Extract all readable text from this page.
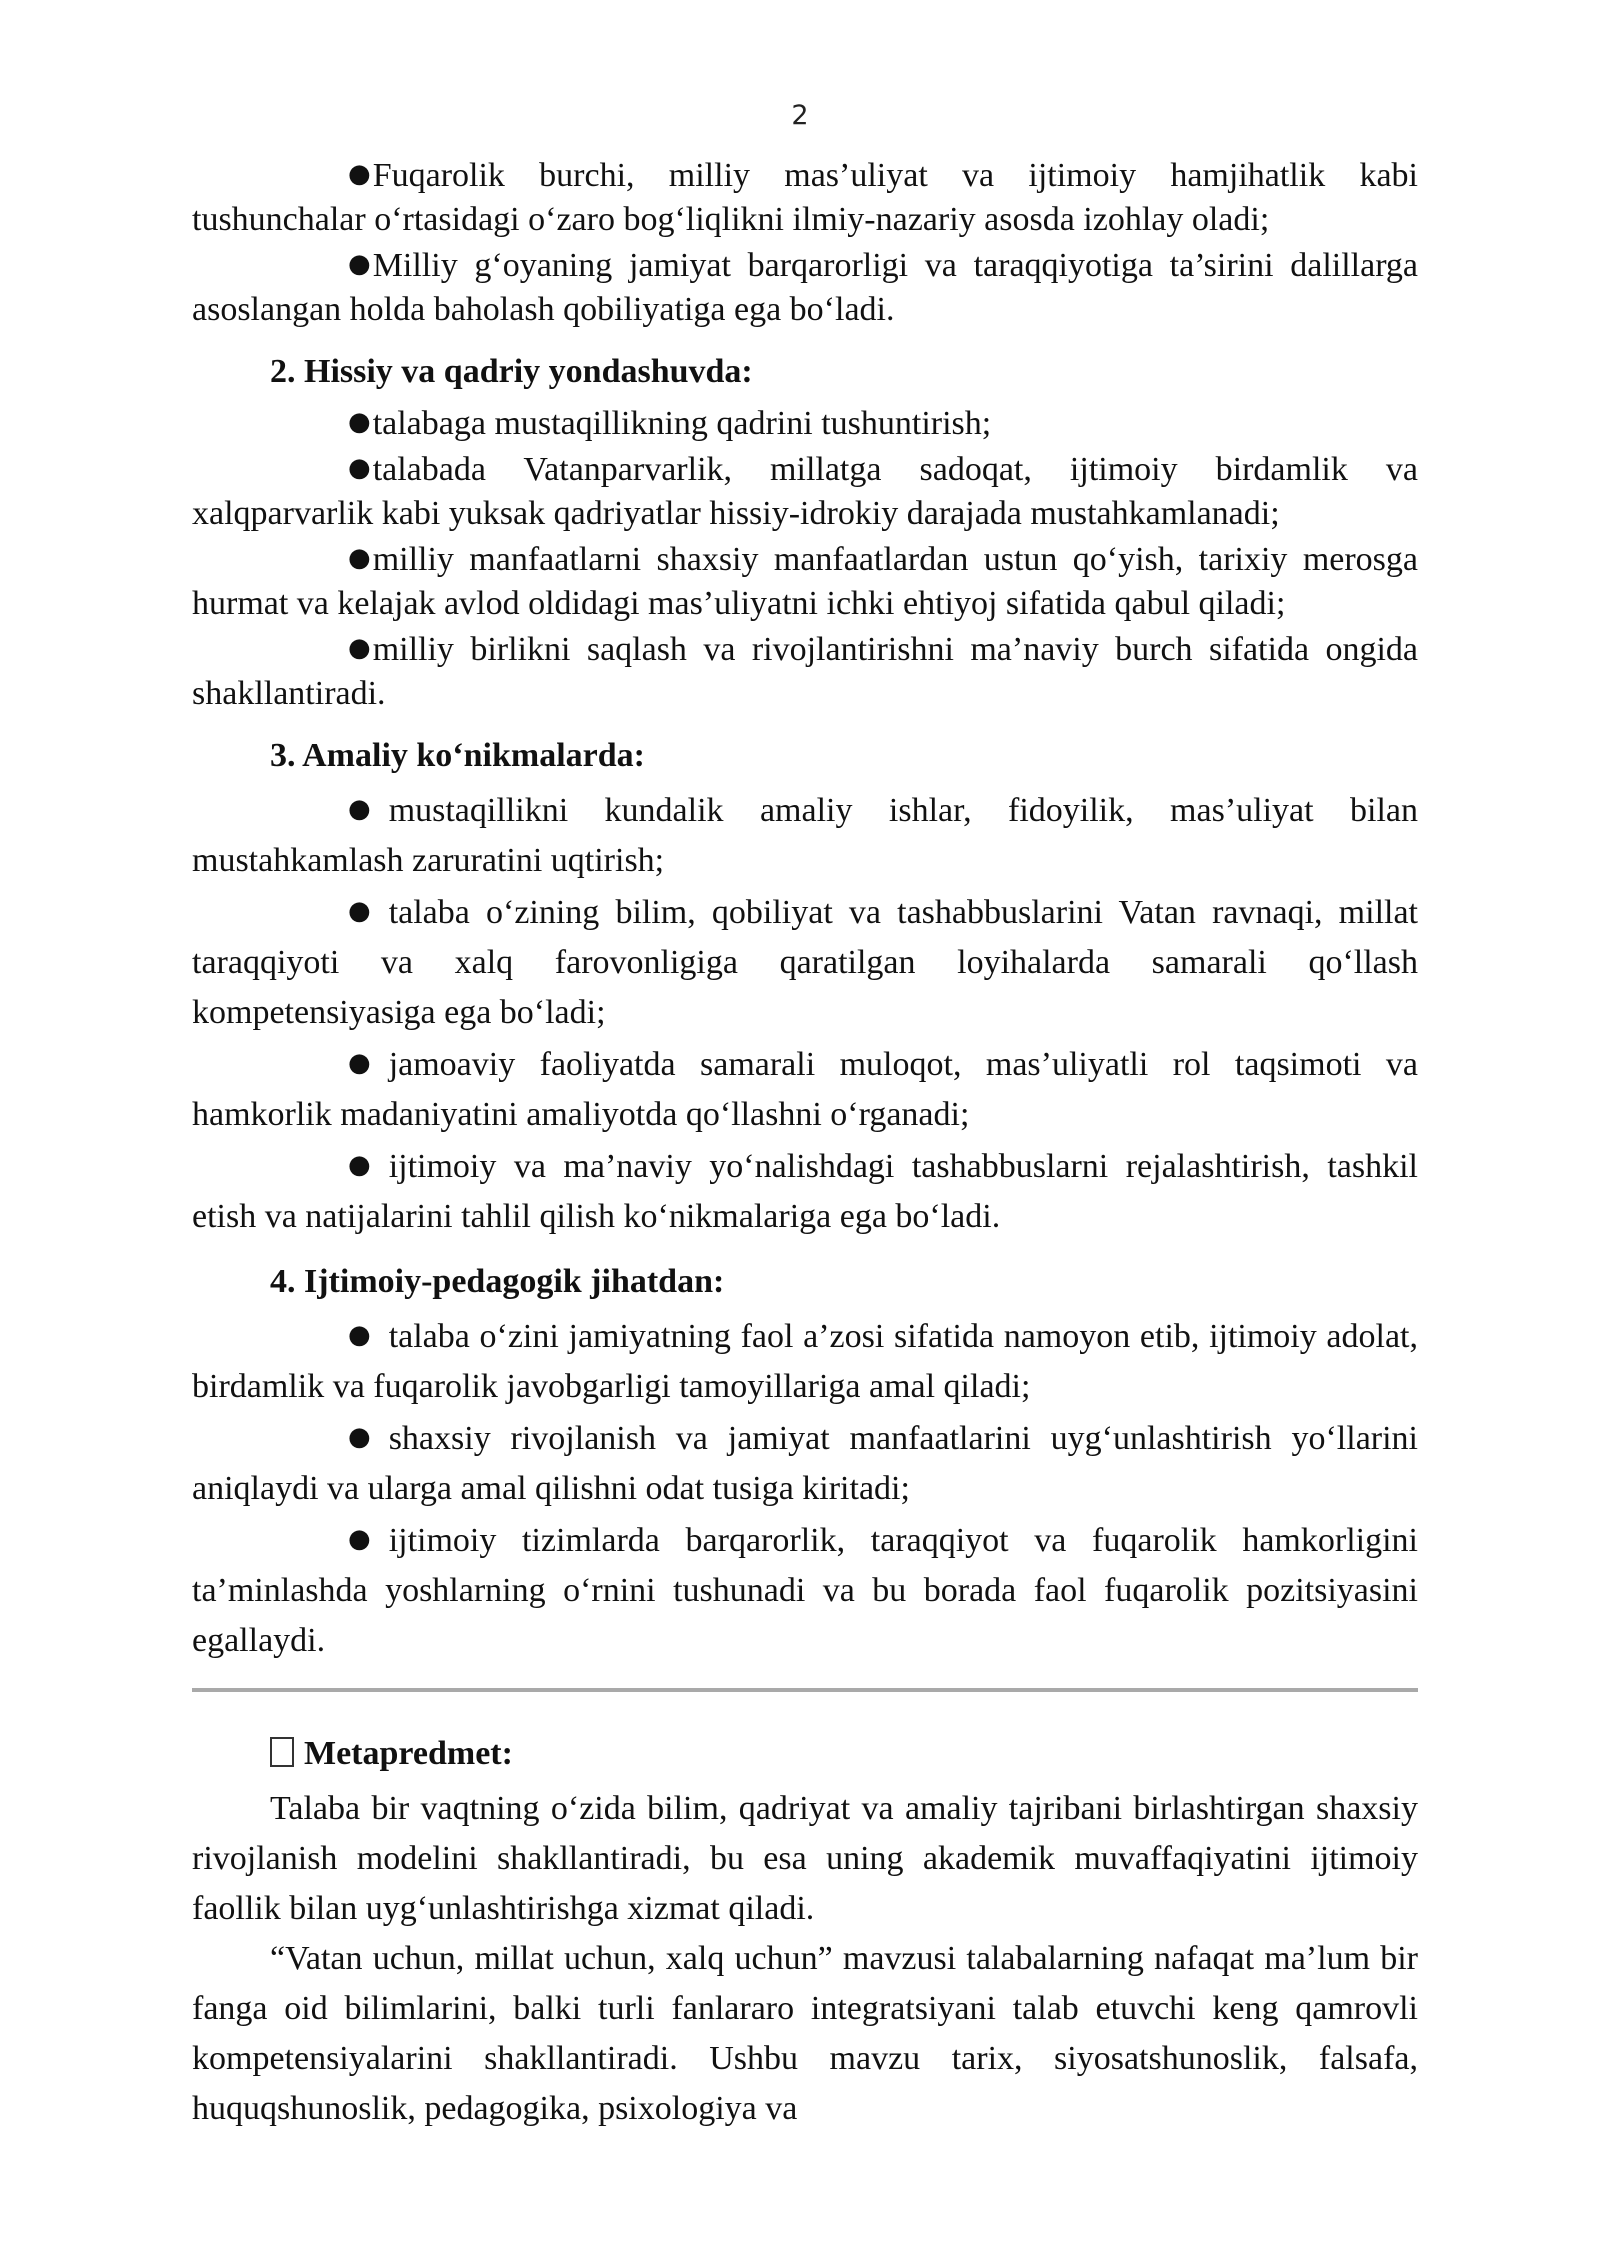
2

●Fuqarolik burchi, milliy mas’uliyat va ijtimoiy hamjihatlik kabi tushunchalar o‘rtasidagi o‘zaro bog‘liqlikni ilmiy-nazariy asosda izohlay oladi;

●Milliy g‘oyaning jamiyat barqarorligi va taraqqiyotiga ta’sirini dalillarga asoslangan holda baholash qobiliyatiga ega bo‘ladi.

2. Hissiy va qadriy yondashuvda:

●talabaga mustaqillikning qadrini tushuntirish;

●talabada Vatanparvarlik, millatga sadoqat, ijtimoiy birdamlik va xalqparvarlik kabi yuksak qadriyatlar hissiy-idrokiy darajada mustahkamlanadi;

●milliy manfaatlarni shaxsiy manfaatlardan ustun qo‘yish, tarixiy merosga hurmat va kelajak avlod oldidagi mas’uliyatni ichki ehtiyoj sifatida qabul qiladi;

●milliy birlikni saqlash va rivojlantirishni ma’naviy burch sifatida ongida shakllantiradi.

3. Amaliy ko‘nikmalarda:

● mustaqillikni kundalik amaliy ishlar, fidoyilik, mas’uliyat bilan mustahkamlash zaruratini uqtirish;

● talaba o‘zining bilim, qobiliyat va tashabbuslarini Vatan ravnaqi, millat taraqqiyoti va xalq farovonligiga qaratilgan loyihalarda samarali qo‘llash kompetensiyasiga ega bo‘ladi;

● jamoaviy faoliyatda samarali muloqot, mas’uliyatli rol taqsimoti va hamkorlik madaniyatini amaliyotda qo‘llashni o‘rganadi;

● ijtimoiy va ma’naviy yo‘nalishdagi tashabbuslarni rejalashtirish, tashkil etish va natijalarini tahlil qilish ko‘nikmalariga ega bo‘ladi.

4. Ijtimoiy-pedagogik jihatdan:

● talaba o‘zini jamiyatning faol a’zosi sifatida namoyon etib, ijtimoiy adolat, birdamlik va fuqarolik javobgarligi tamoyillariga amal qiladi;

● shaxsiy rivojlanish va jamiyat manfaatlarini uyg‘unlashtirish yo‘llarini aniqlaydi va ularga amal qilishni odat tusiga kiritadi;

● ijtimoiy tizimlarda barqarorlik, taraqqiyot va fuqarolik hamkorligini ta’minlashda yoshlarning o‘rnini tushunadi va bu borada faol fuqarolik pozitsiyasini egallaydi.

Metapredmet:

Talaba bir vaqtning o‘zida bilim, qadriyat va amaliy tajribani birlashtirgan shaxsiy rivojlanish modelini shakllantiradi, bu esa uning akademik muvaffaqiyatini ijtimoiy faollik bilan uyg‘unlashtirishga xizmat qiladi.

“Vatan uchun, millat uchun, xalq uchun” mavzusi talabalarning nafaqat ma’lum bir fanga oid bilimlarini, balki turli fanlararo integratsiyani talab etuvchi keng qamrovli kompetensiyalarini shakllantiradi. Ushbu mavzu tarix, siyosatshunoslik, falsafa, huquqshunoslik, pedagogika, psixologiya va
